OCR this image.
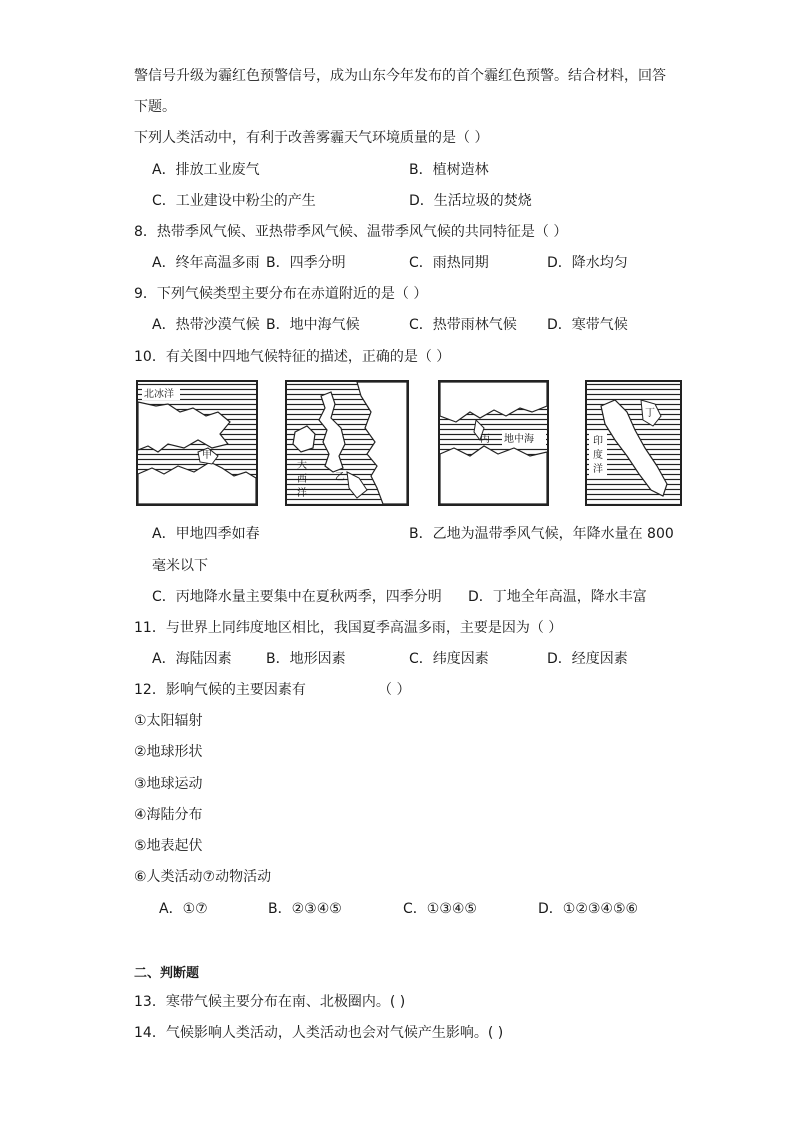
警信号升级为霾红色预警信号，成为山东今年发布的首个霾红色预警。结合材料，回答
下题。
下列人类活动中，有利于改善雾霾天气环境质量的是（ ）
A．排放工业废气	B．植树造林
C．工业建设中粉尘的产生	D．生活垃圾的焚烧
8．热带季风气候、亚热带季风气候、温带季风气候的共同特征是（ ）
A．终年高温多雨 B．四季分明	C．雨热同期	D．降水均匀
9．下列气候类型主要分布在赤道附近的是（ ）
A．热带沙漠气候 B．地中海气候	C．热带雨林气候 D．寒带气候
10．有关图中四地气候特征的描述，正确的是（ ）
北冰洋
甲
大
西
洋
乙
丙 地中海
丁
印
度
洋
A．甲地四季如春	B．乙地为温带季风气候，年降水量在 800
毫米以下
C．丙地降水量主要集中在夏秋两季，四季分明 D．丁地全年高温，降水丰富
11．与世界上同纬度地区相比，我国夏季高温多雨，主要是因为（ ）
A．海陆因素 B．地形因素	C．纬度因素	D．经度因素
12．影响气候的主要因素有	（ ）
①太阳辐射
②地球形状
③地球运动
④海陆分布
⑤地表起伏
⑥人类活动⑦动物活动
A．①⑦	B．②③④⑤	C．①③④⑤	D．①②③④⑤⑥
二、判断题
13．寒带气候主要分布在南、北极圈内。( )
14．气候影响人类活动，人类活动也会对气候产生影响。( )
